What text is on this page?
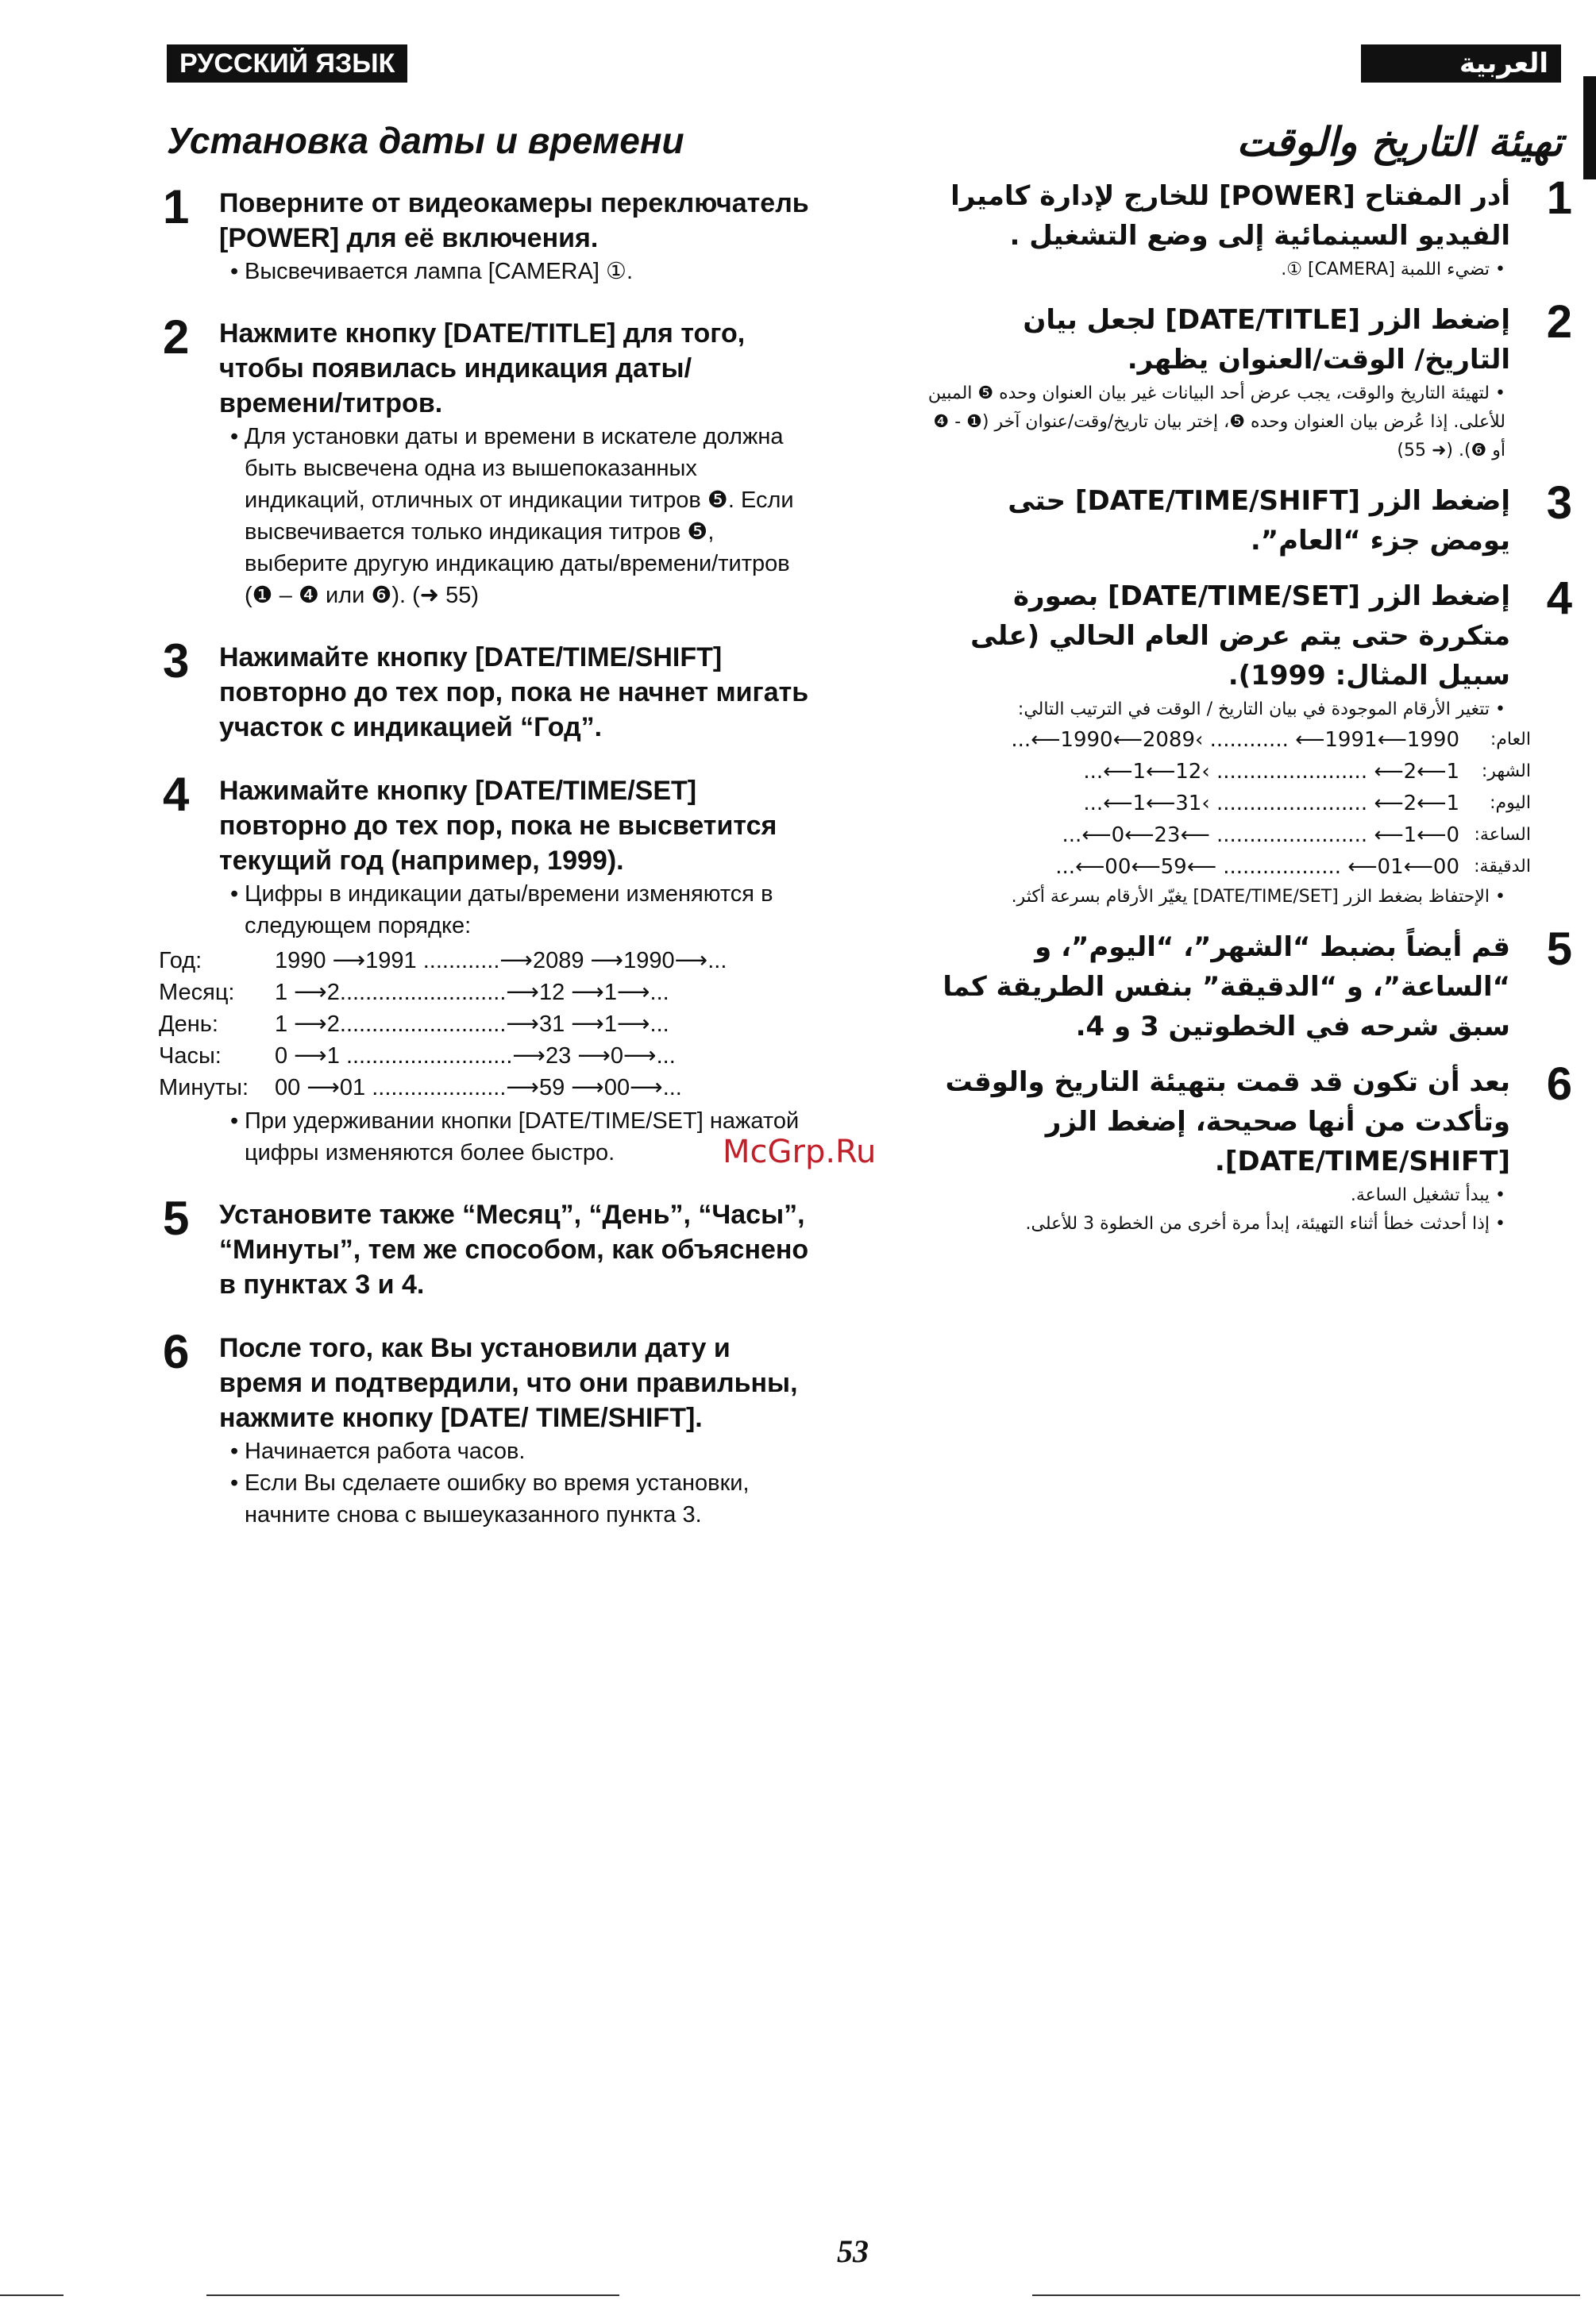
РУССКИЙ ЯЗЫК	العربية
Установка даты и времени
1 Поверните от видеокамеры переключатель [POWER] для её включения.
• Высвечивается лампа [CAMERA] ①.
2 Нажмите кнопку [DATE/TITLE] для того, чтобы появилась индикация даты/ времени/титров.
• Для установки даты и времени в искателе должна быть высвечена одна из вышепоказанных индикаций, отличных от индикации титров ❺. Если высвечивается только индикация титров ❺, выберите другую индикацию даты/времени/титров (❶ – ❹ или ❻). (➜ 55)
3 Нажимайте кнопку [DATE/TIME/SHIFT] повторно до тех пор, пока не начнет мигать участок с индикацией “Год”.
4 Нажимайте кнопку [DATE/TIME/SET] повторно до тех пор, пока не высветится текущий год (например, 1999).
• Цифры в индикации даты/времени изменяются в следующем порядке:
Год:	1990 ⟶1991 ............⟶2089 ⟶1990⟶...
Месяц:	1 ⟶2..........................⟶12 ⟶1⟶...
День:	1 ⟶2..........................⟶31 ⟶1⟶...
Часы:	0 ⟶1 ..........................⟶23 ⟶0⟶...
Минуты:	00 ⟶01 .....................⟶59 ⟶00⟶...
• При удерживании кнопки [DATE/TIME/SET] нажатой цифры изменяются более быстро.
5 Установите также “Месяц”, “День”, “Часы”, “Минуты”, тем же способом, как объяснено в пунктах 3 и 4.
6 После того, как Вы установили дату и время и подтвердили, что они правильны, нажмите кнопку [DATE/ TIME/SHIFT].
• Начинается работа часов.
• Если Вы сделаете ошибку во время установки, начните снова с вышеуказанного пункта 3.
تهيئة التاريخ والوقت
1
أدر المفتاح [POWER] للخارج لإدارة كاميرا الفيديو السينمائية إلى وضع التشغيل .
• تضيء اللمبة [CAMERA] ①.
2
إضغط الزر [DATE/TITLE] لجعل بيان التاريخ/ الوقت/العنوان يظهر.
• لتهيئة التاريخ والوقت، يجب عرض أحد البيانات غير بيان العنوان وحده ❺ المبين للأعلى. إذا عُرض بيان العنوان وحده ❺، إختر بيان تاريخ/وقت/عنوان آخر (❶ - ❹ أو ❻). (➜ 55)
3
إضغط الزر [DATE/TIME/SHIFT] حتى يومض جزء “العام”.
4
إضغط الزر [DATE/TIME/SET] بصورة متكررة حتى يتم عرض العام الحالي (على سبيل المثال: 1999).
• تتغير الأرقام الموجودة في بيان التاريخ / الوقت في الترتيب التالي:
العام:
...⟵1990⟵2089‹ ............ ⟵1991⟵1990
الشهر:
...⟵1⟵12‹ ....................... ⟵2⟵1
اليوم:
...⟵1⟵31‹ ....................... ⟵2⟵1
الساعة:
...⟵0⟵23⟵ ....................... ⟵1⟵0
الدقيقة:
...⟵00⟵59⟵ .................. ⟵01⟵00
• الإحتفاظ بضغط الزر [DATE/TIME/SET] يغيّر الأرقام بسرعة أكثر.
5
قم أيضاً بضبط “الشهر”، “اليوم”، و “الساعة”، و “الدقيقة” بنفس الطريقة كما سبق شرحه في الخطوتين 3 و 4.
6
بعد أن تكون قد قمت بتهيئة التاريخ والوقت وتأكدت من أنها صحيحة، إضغط الزر [DATE/TIME/SHIFT].
• يبدأ تشغيل الساعة.
• إذا أحدثت خطأ أثناء التهيئة، إبدأ مرة أخرى من الخطوة 3 للأعلى.
McGrp.Ru
53
